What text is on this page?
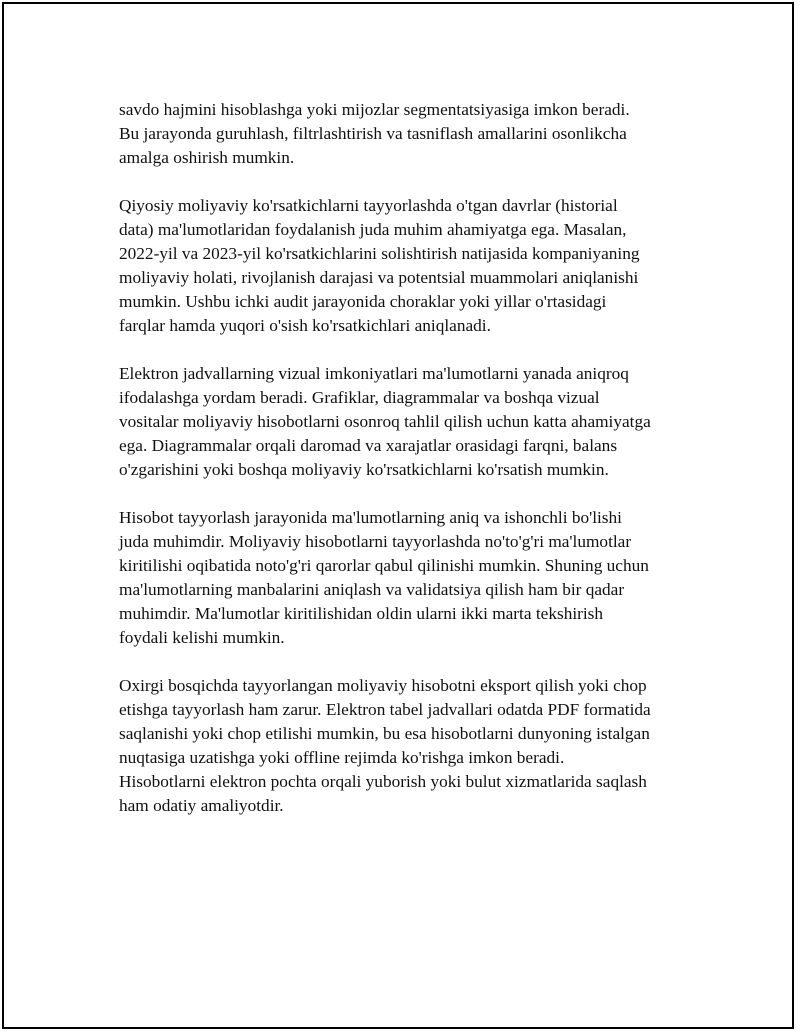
savdo hajmini hisoblashga yoki mijozlar segmentatsiyasiga imkon beradi.
Bu jarayonda guruhlash, filtrlashtirish va tasniflash amallarini osonlikcha
amalga oshirish mumkin.

Qiyosiy moliyaviy ko'rsatkichlarni tayyorlashda o'tgan davrlar (historial
data) ma'lumotlaridan foydalanish juda muhim ahamiyatga ega. Masalan,
2022-yil va 2023-yil ko'rsatkichlarini solishtirish natijasida kompaniyaning
moliyaviy holati, rivojlanish darajasi va potentsial muammolari aniqlanishi
mumkin. Ushbu ichki audit jarayonida choraklar yoki yillar o'rtasidagi
farqlar hamda yuqori o'sish ko'rsatkichlari aniqlanadi.

Elektron jadvallarning vizual imkoniyatlari ma'lumotlarni yanada aniqroq
ifodalashga yordam beradi. Grafiklar, diagrammalar va boshqa vizual
vositalar moliyaviy hisobotlarni osonroq tahlil qilish uchun katta ahamiyatga
ega. Diagrammalar orqali daromad va xarajatlar orasidagi farqni, balans
o'zgarishini yoki boshqa moliyaviy ko'rsatkichlarni ko'rsatish mumkin.

Hisobot tayyorlash jarayonida ma'lumotlarning aniq va ishonchli bo'lishi
juda muhimdir. Moliyaviy hisobotlarni tayyorlashda no'to'g'ri ma'lumotlar
kiritilishi oqibatida noto'g'ri qarorlar qabul qilinishi mumkin. Shuning uchun
ma'lumotlarning manbalarini aniqlash va validatsiya qilish ham bir qadar
muhimdir. Ma'lumotlar kiritilishidan oldin ularni ikki marta tekshirish
foydali kelishi mumkin.

Oxirgi bosqichda tayyorlangan moliyaviy hisobotni eksport qilish yoki chop
etishga tayyorlash ham zarur. Elektron tabel jadvallari odatda PDF formatida
saqlanishi yoki chop etilishi mumkin, bu esa hisobotlarni dunyoning istalgan
nuqtasiga uzatishga yoki offline rejimda ko'rishga imkon beradi.
Hisobotlarni elektron pochta orqali yuborish yoki bulut xizmatlarida saqlash
ham odatiy amaliyotdir.
